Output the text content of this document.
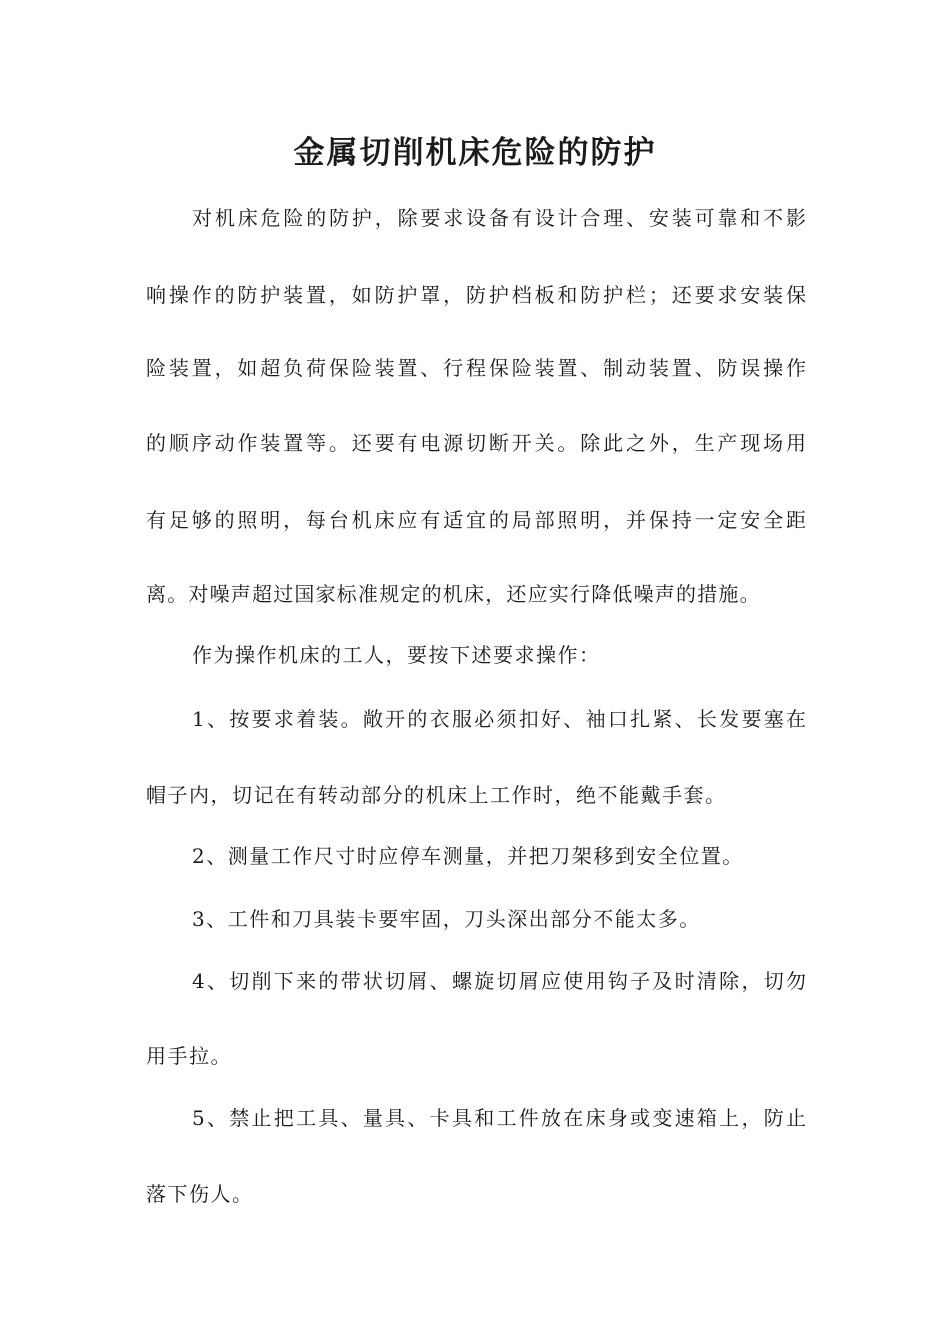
金属切削机床危险的防护

对机床危险的防护，除要求设备有设计合理、安装可靠和不影

响操作的防护装置，如防护罩，防护档板和防护栏；还要求安装保

险装置，如超负荷保险装置、行程保险装置、制动装置、防误操作

的顺序动作装置等。还要有电源切断开关。除此之外，生产现场用

有足够的照明，每台机床应有适宜的局部照明，并保持一定安全距

离。对噪声超过国家标准规定的机床，还应实行降低噪声的措施。

作为操作机床的工人，要按下述要求操作：

1、按要求着装。敞开的衣服必须扣好、袖口扎紧、长发要塞在

帽子内，切记在有转动部分的机床上工作时，绝不能戴手套。

2、测量工作尺寸时应停车测量，并把刀架移到安全位置。

3、工件和刀具装卡要牢固，刀头深出部分不能太多。

4、切削下来的带状切屑、螺旋切屑应使用钩子及时清除，切勿

用手拉。

5、禁止把工具、量具、卡具和工件放在床身或变速箱上，防止

落下伤人。
